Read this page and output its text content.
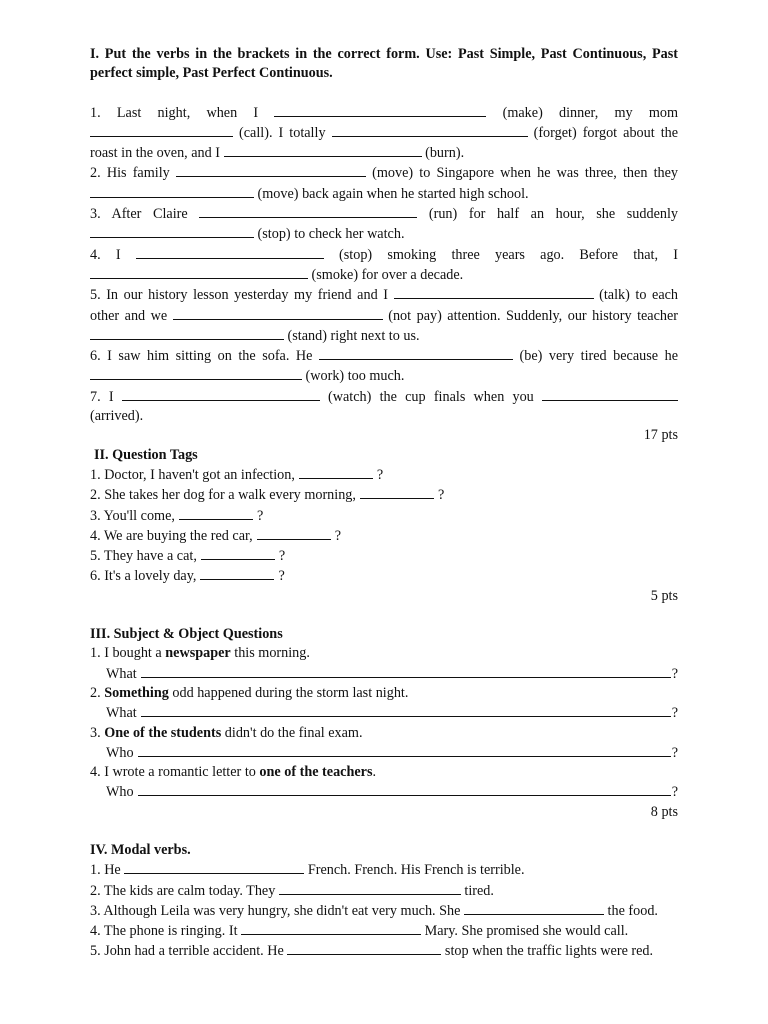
I. Put the verbs in the brackets in the correct form. Use: Past Simple, Past Continuous, Past perfect simple, Past Perfect Continuous.

1. Last night, when I	(make) dinner, my mom  (call). I totally	(forget) forgot about the roast in the oven, and I	(burn).

2. His family	(move) to Singapore when he was three, then they  (move) back again when he started high school.

3. After Claire	(run) for half an hour, she suddenly  (stop) to check her watch.

4. I	(stop) smoking three years ago. Before that, I  (smoke) for over a decade.

5. In our history lesson yesterday my friend and I	(talk) to each other and we	(not pay) attention. Suddenly, our history teacher  (stand) right next to us.

6. I saw him sitting on the sofa. He	(be) very tired because he  (work) too much.

7. I	(watch) the cup finals when you  (arrived).

17 pts

II. Question Tags

1. Doctor, I haven't got an infection,	?

2. She takes her dog for a walk every morning,	?

3. You'll come,	?

4. We are buying the red car,	?

5. They have a cat,	?

6. It's a lovely day,	?

5 pts

III. Subject & Object Questions

1. I bought a newspaper this morning.

What	?

2. Something odd happened during the storm last night.

What	?

3. One of the students didn't do the final exam.

Who	?

4. I wrote a romantic letter to one of the teachers.

Who	?

8 pts

IV. Modal verbs.

1. He	French. French. His French is terrible.

2. The kids are calm today. They	tired.

3. Although Leila was very hungry, she didn't eat very much. She	the food.

4. The phone is ringing. It	Mary. She promised she would call.

5. John had a terrible accident. He	stop when the traffic lights were red.
